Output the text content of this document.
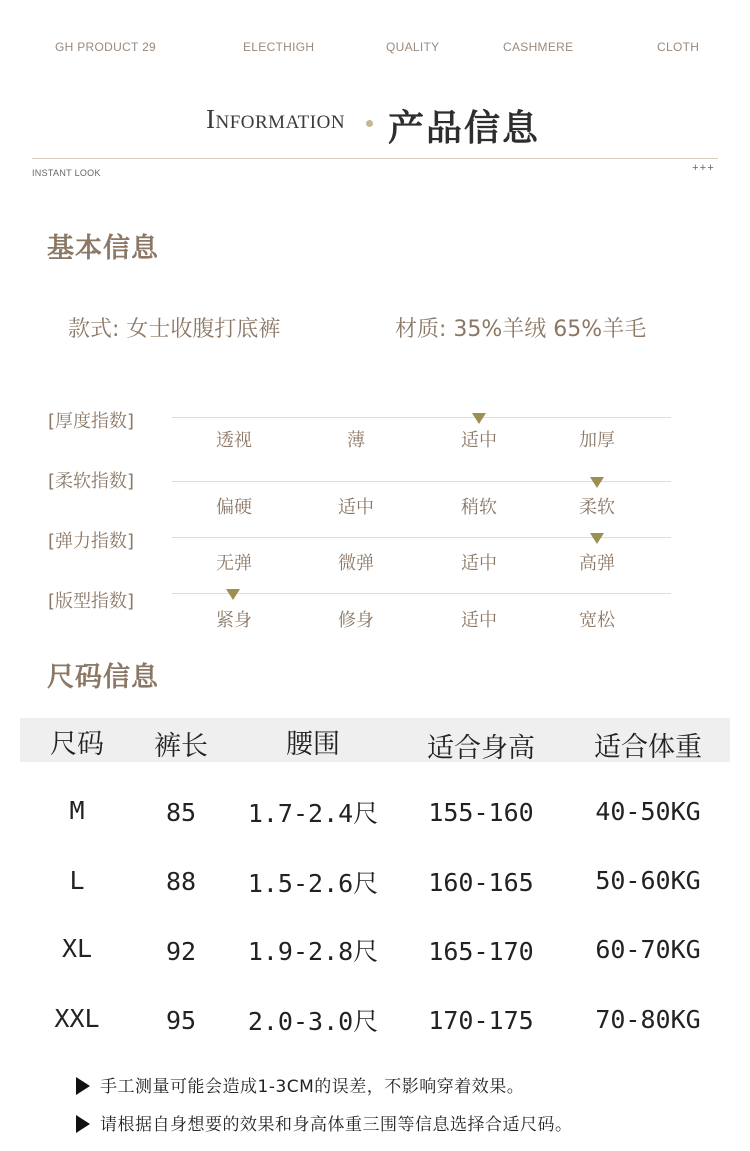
GH PRODUCT 29	ELECTHIGH	QUALITY	CASHMERE	CLOTH
Information 产品信息
INSTANT LOOK	+++
基本信息
款式: 女士收腹打底裤	材质: 35%羊绒 65%羊毛
[厚度指数]
透视	薄	适中	加厚
[柔软指数]
偏硬	适中	稍软	柔软
[弹力指数]
无弹	微弹	适中	高弹
[版型指数]
紧身	修身	适中	宽松
尺码信息
尺码 裤长	腰围	适合身高 适合体重
M	85 1.7-2.4尺 155-160 40-50KG
L	88 1.5-2.6尺 160-165 50-60KG
XL	92 1.9-2.8尺 165-170 60-70KG
XXL	95 2.0-3.0尺 170-175 70-80KG
手工测量可能会造成1-3CM的误差，不影响穿着效果。
请根据自身想要的效果和身高体重三围等信息选择合适尺码。
